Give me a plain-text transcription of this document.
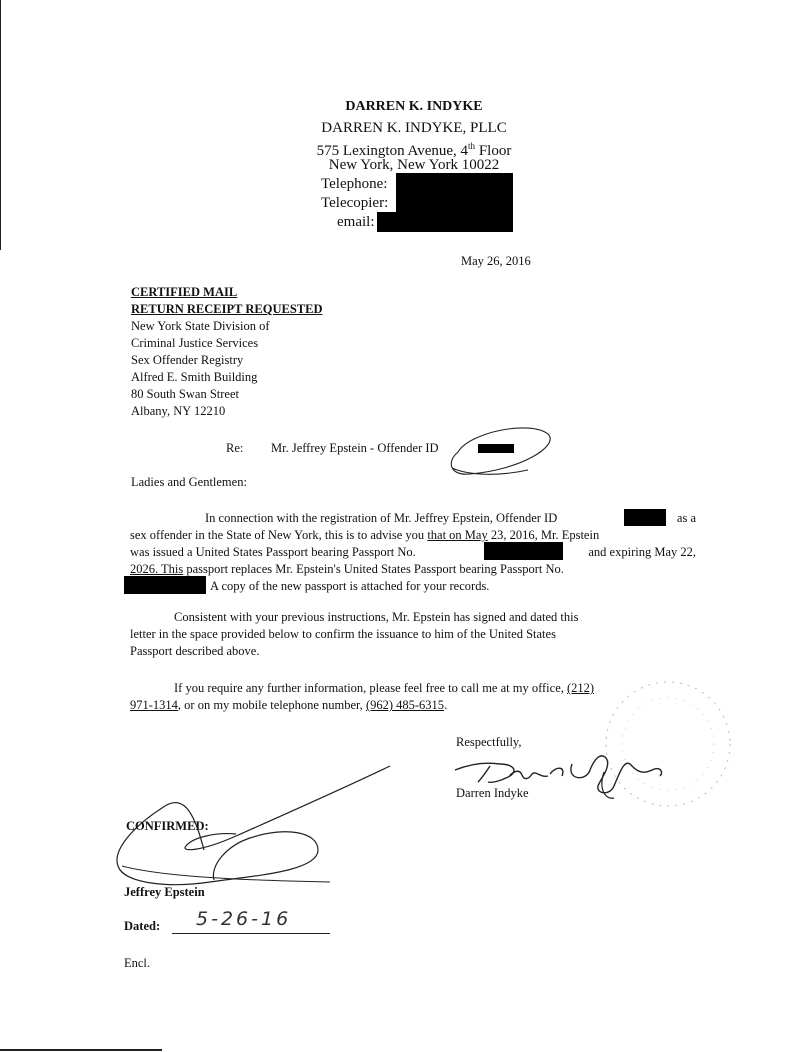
DARREN K. INDYKE
DARREN K. INDYKE, PLLC
575 Lexington Avenue, 4th Floor
New York, New York 10022
Telephone:
Telecopier:
email:
May 26, 2016
CERTIFIED MAIL
RETURN RECEIPT REQUESTED
New York State Division of
Criminal Justice Services
Sex Offender Registry
Alfred E. Smith Building
80 South Swan Street
Albany, NY 12210
Re: Mr. Jeffrey Epstein - Offender ID
Ladies and Gentlemen:
In connection with the registration of Mr. Jeffrey Epstein, Offender ID	as a
sex offender in the State of New York, this is to advise you that on May 23, 2016, Mr. Epstein
was issued a United States Passport bearing Passport No.	and expiring May 22,
2026. This passport replaces Mr. Epstein's United States Passport bearing Passport No.
A copy of the new passport is attached for your records.
Consistent with your previous instructions, Mr. Epstein has signed and dated this
letter in the space provided below to confirm the issuance to him of the United States
Passport described above.
If you require any further information, please feel free to call me at my office, (212)
971-1314, or on my mobile telephone number, (962) 485-6315.
Respectfully,
Darren Indyke
CONFIRMED:
Jeffrey Epstein
Dated: 5-26-16
Encl.
